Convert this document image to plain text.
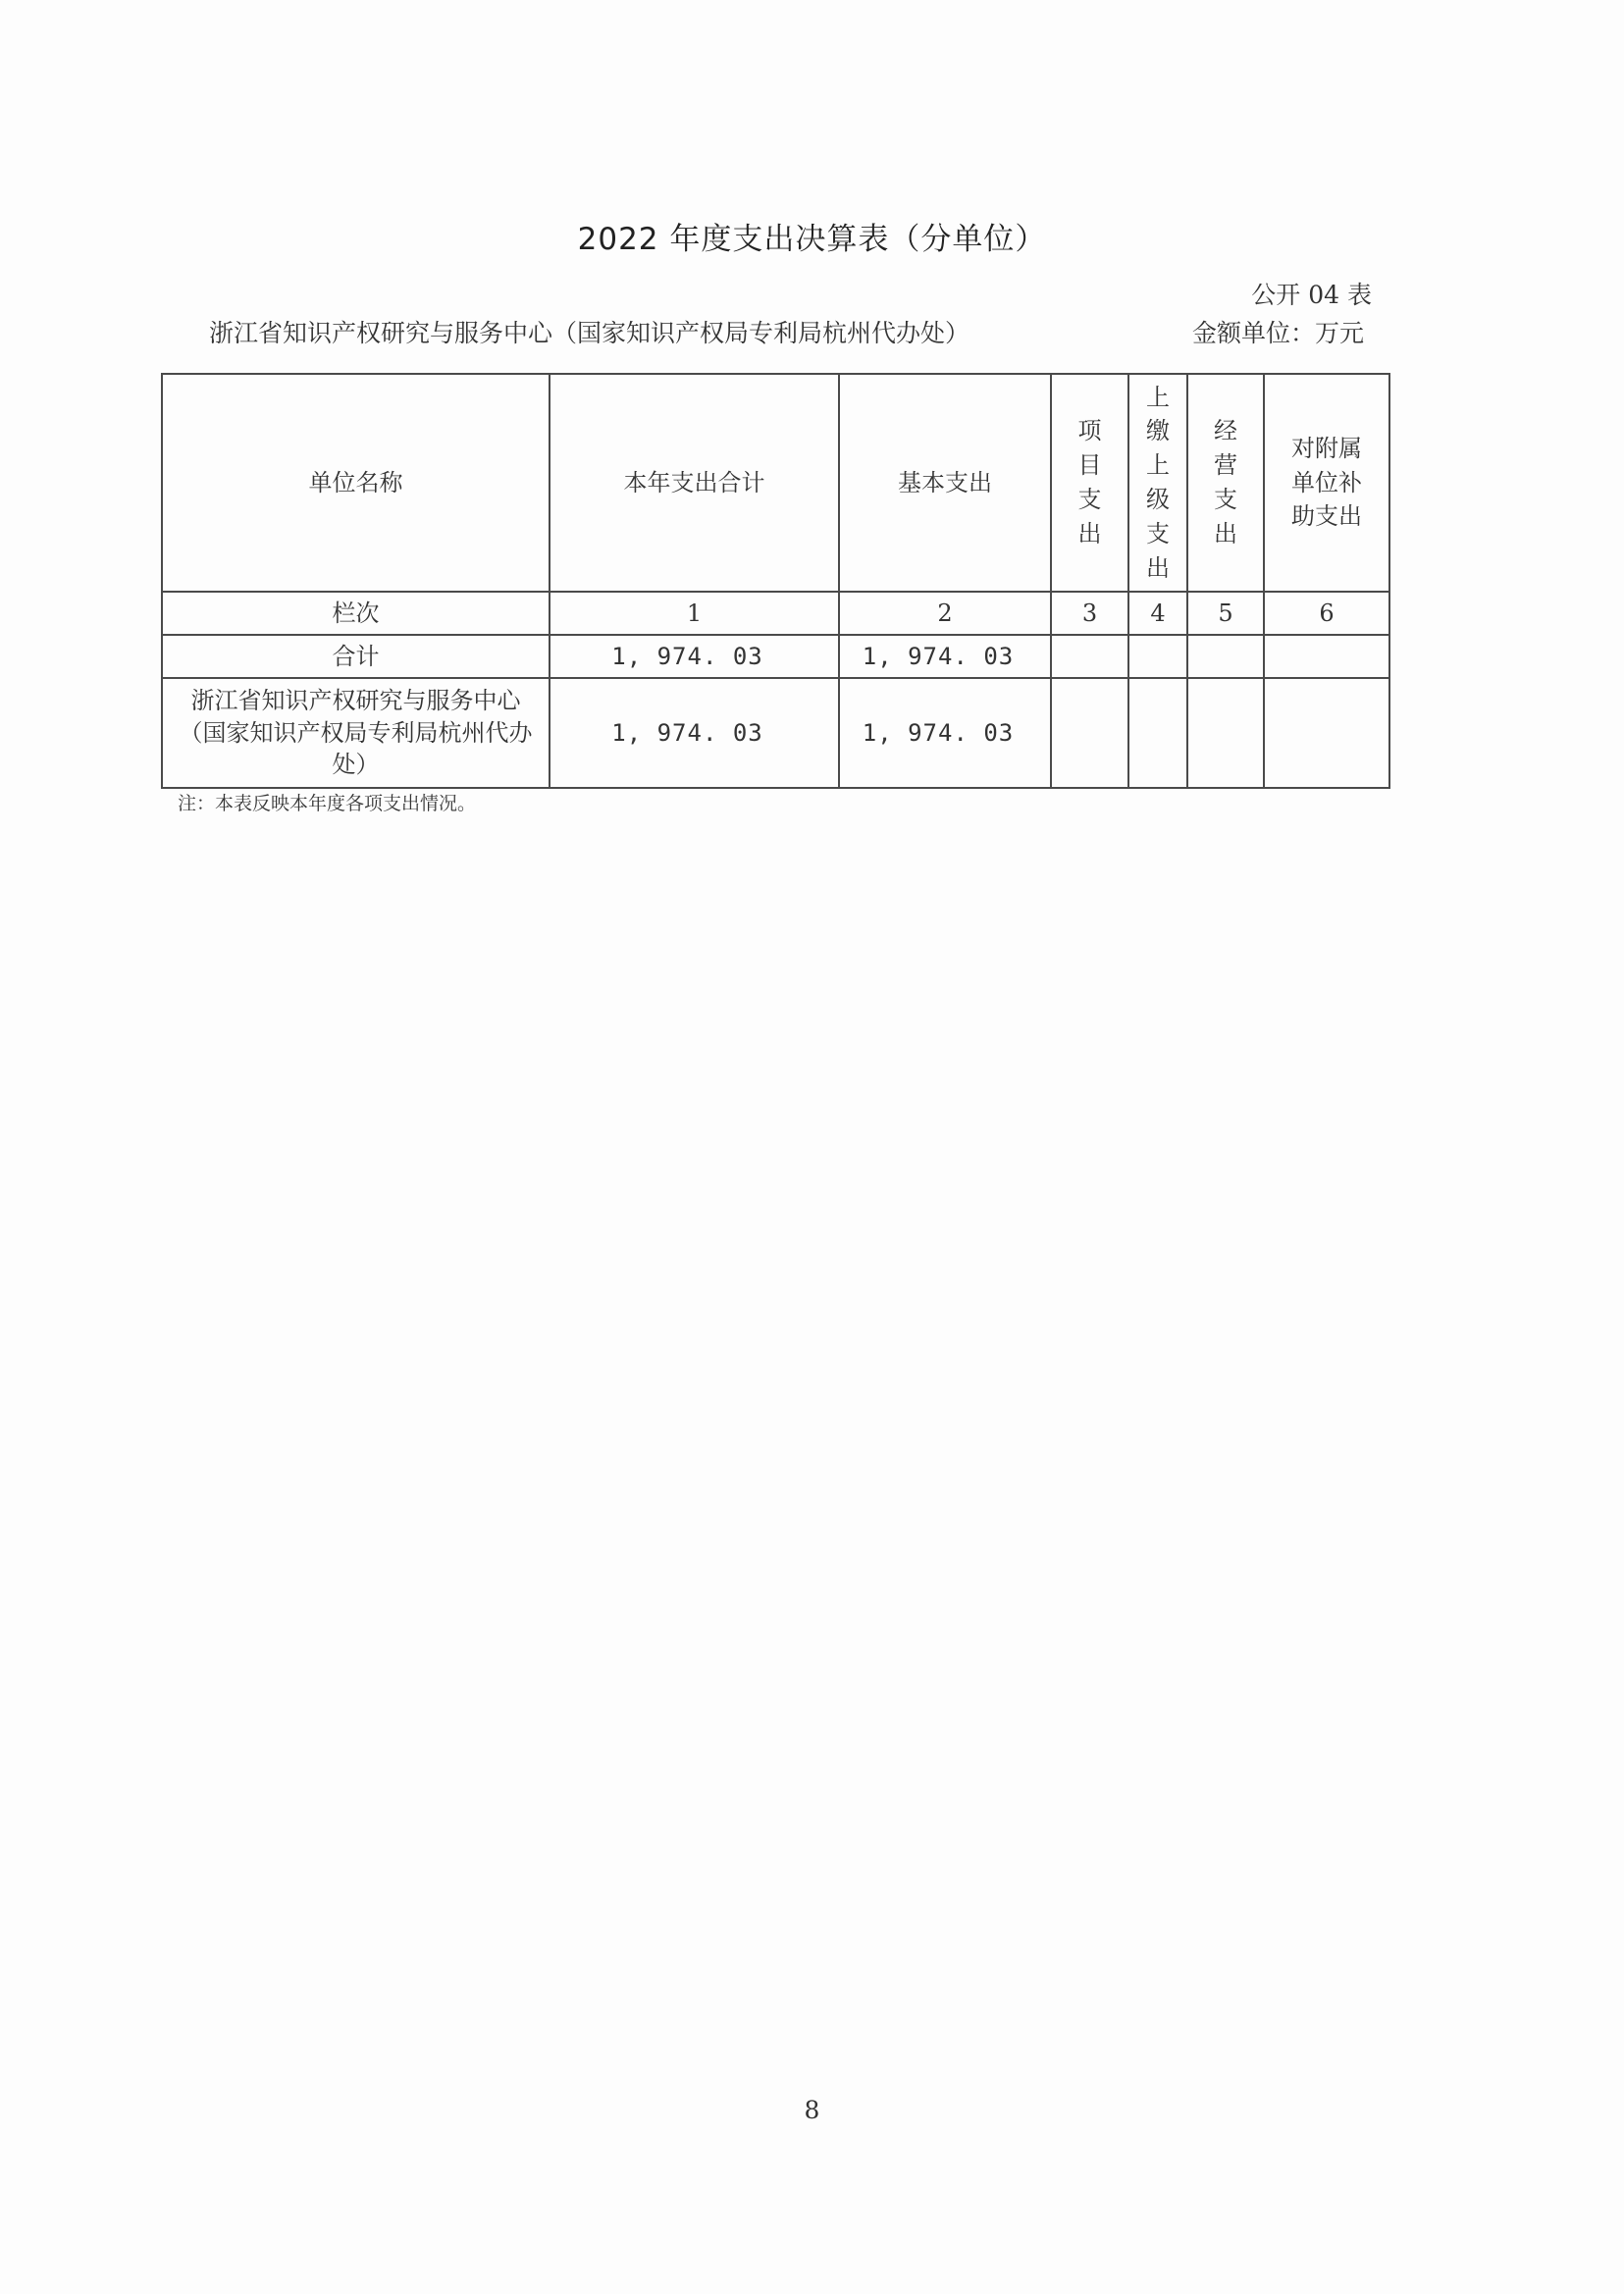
2022 年度支出决算表（分单位）
公开 04 表
浙江省知识产权研究与服务中心（国家知识产权局专利局杭州代办处）	金额单位：万元
单位名称	本年支出合计	基本支出	项目支出	上缴上级支出	经营支出	对附属单位补助支出
栏次	1	2	3	4	5	6
合计	1, 974. 03	1, 974. 03				
浙江省知识产权研究与服务中心（国家知识产权局专利局杭州代办处）	1, 974. 03	1, 974. 03				
注：本表反映本年度各项支出情况。
8
